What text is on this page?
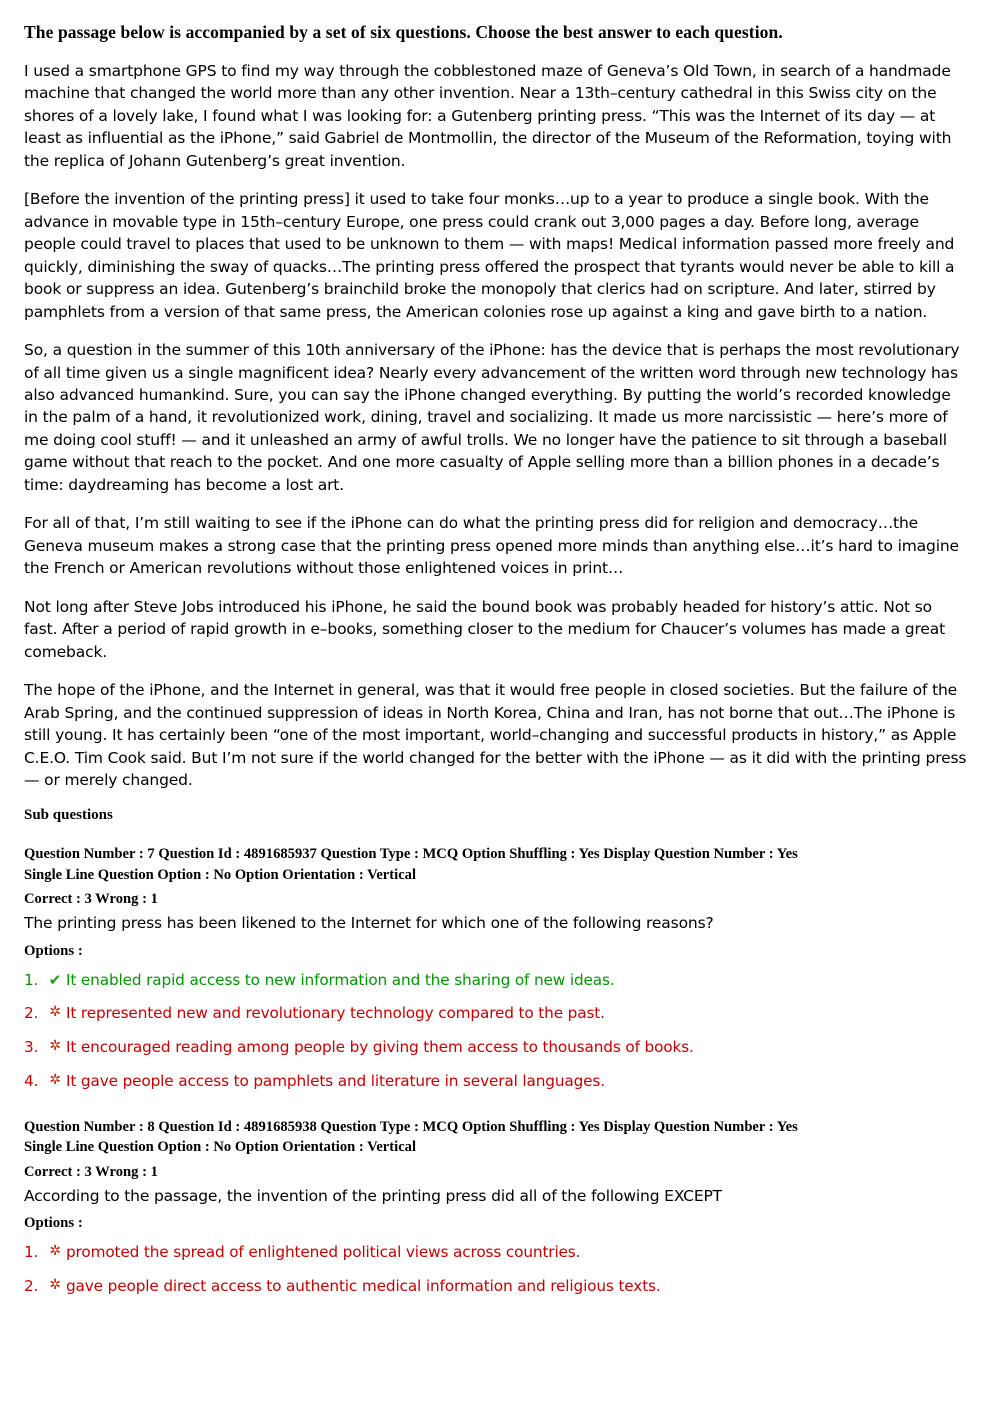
The passage below is accompanied by a set of six questions. Choose the best answer to each question.

I used a smartphone GPS to find my way through the cobblestoned maze of Geneva’s Old Town, in search of a handmade machine that changed the world more than any other invention. Near a 13th–century cathedral in this Swiss city on the shores of a lovely lake, I found what I was looking for: a Gutenberg printing press. “This was the Internet of its day — at least as influential as the iPhone,” said Gabriel de Montmollin, the director of the Museum of the Reformation, toying with the replica of Johann Gutenberg’s great invention.

[Before the invention of the printing press] it used to take four monks…up to a year to produce a single book. With the advance in movable type in 15th–century Europe, one press could crank out 3,000 pages a day. Before long, average people could travel to places that used to be unknown to them — with maps! Medical information passed more freely and quickly, diminishing the sway of quacks…The printing press offered the prospect that tyrants would never be able to kill a book or suppress an idea. Gutenberg’s brainchild broke the monopoly that clerics had on scripture. And later, stirred by pamphlets from a version of that same press, the American colonies rose up against a king and gave birth to a nation.

So, a question in the summer of this 10th anniversary of the iPhone: has the device that is perhaps the most revolutionary of all time given us a single magnificent idea? Nearly every advancement of the written word through new technology has also advanced humankind. Sure, you can say the iPhone changed everything. By putting the world’s recorded knowledge in the palm of a hand, it revolutionized work, dining, travel and socializing. It made us more narcissistic — here’s more of me doing cool stuff! — and it unleashed an army of awful trolls. We no longer have the patience to sit through a baseball game without that reach to the pocket. And one more casualty of Apple selling more than a billion phones in a decade’s time: daydreaming has become a lost art.

For all of that, I’m still waiting to see if the iPhone can do what the printing press did for religion and democracy…the Geneva museum makes a strong case that the printing press opened more minds than anything else…it’s hard to imagine the French or American revolutions without those enlightened voices in print…

Not long after Steve Jobs introduced his iPhone, he said the bound book was probably headed for history’s attic. Not so fast. After a period of rapid growth in e–books, something closer to the medium for Chaucer’s volumes has made a great comeback.

The hope of the iPhone, and the Internet in general, was that it would free people in closed societies. But the failure of the Arab Spring, and the continued suppression of ideas in North Korea, China and Iran, has not borne that out…The iPhone is still young. It has certainly been “one of the most important, world–changing and successful products in history,” as Apple C.E.O. Tim Cook said. But I’m not sure if the world changed for the better with the iPhone — as it did with the printing press — or merely changed.

Sub questions
Question Number : 7 Question Id : 4891685937 Question Type : MCQ Option Shuffling : Yes Display Question Number : Yes
Single Line Question Option : No Option Orientation : Vertical
Correct : 3 Wrong : 1
The printing press has been likened to the Internet for which one of the following reasons?
Options :
1. ✔ It enabled rapid access to new information and the sharing of new ideas.
2. ✲ It represented new and revolutionary technology compared to the past.
3. ✲ It encouraged reading among people by giving them access to thousands of books.
4. ✲ It gave people access to pamphlets and literature in several languages.
Question Number : 8 Question Id : 4891685938 Question Type : MCQ Option Shuffling : Yes Display Question Number : Yes
Single Line Question Option : No Option Orientation : Vertical
Correct : 3 Wrong : 1
According to the passage, the invention of the printing press did all of the following EXCEPT
Options :
1. ✲ promoted the spread of enlightened political views across countries.
2. ✲ gave people direct access to authentic medical information and religious texts.
